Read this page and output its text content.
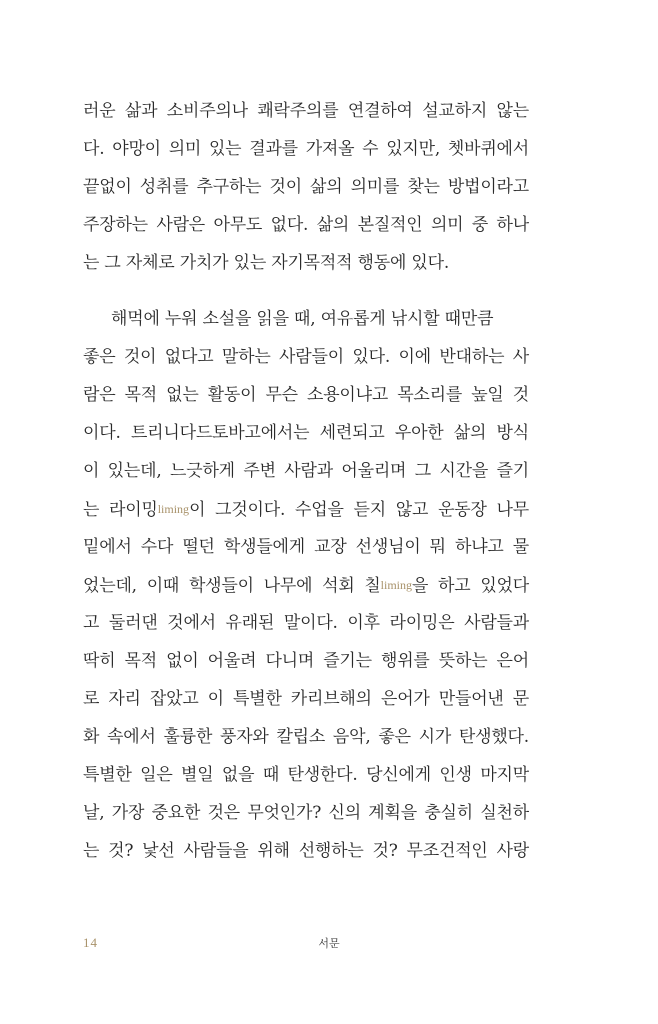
러운 삶과 소비주의나 쾌락주의를 연결하여 설교하지 않는
다. 야망이 의미 있는 결과를 가져올 수 있지만, 쳇바퀴에서
끝없이 성취를 추구하는 것이 삶의 의미를 찾는 방법이라고
주장하는 사람은 아무도 없다. 삶의 본질적인 의미 중 하나
는 그 자체로 가치가 있는 자기목적적 행동에 있다.
해먹에 누워 소설을 읽을 때, 여유롭게 낚시할 때만큼
좋은 것이 없다고 말하는 사람들이 있다. 이에 반대하는 사
람은 목적 없는 활동이 무슨 소용이냐고 목소리를 높일 것
이다. 트리니다드토바고에서는 세련되고 우아한 삶의 방식
이 있는데, 느긋하게 주변 사람과 어울리며 그 시간을 즐기
는 라이밍liming이 그것이다. 수업을 듣지 않고 운동장 나무
밑에서 수다 떨던 학생들에게 교장 선생님이 뭐 하냐고 물
었는데, 이때 학생들이 나무에 석회 칠liming을 하고 있었다
고 둘러댄 것에서 유래된 말이다. 이후 라이밍은 사람들과
딱히 목적 없이 어울려 다니며 즐기는 행위를 뜻하는 은어
로 자리 잡았고 이 특별한 카리브해의 은어가 만들어낸 문
화 속에서 훌륭한 풍자와 칼립소 음악, 좋은 시가 탄생했다.
특별한 일은 별일 없을 때 탄생한다. 당신에게 인생 마지막
날, 가장 중요한 것은 무엇인가? 신의 계획을 충실히 실천하
는 것? 낯선 사람들을 위해 선행하는 것? 무조건적인 사랑
14	서문
